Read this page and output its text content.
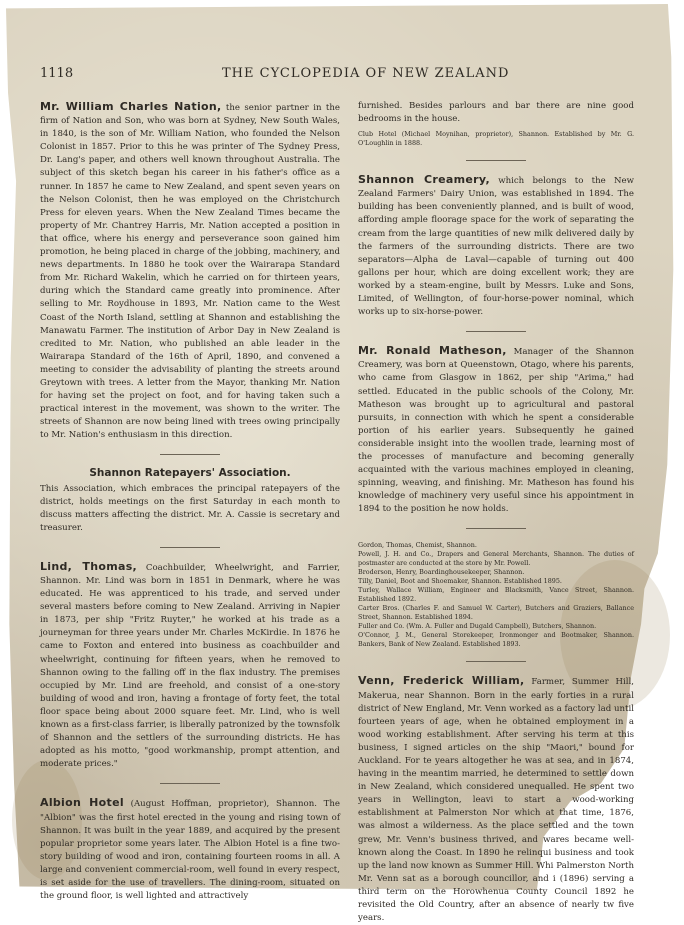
1118	THE CYCLOPEDIA OF NEW ZEALAND

Mr. William Charles Nation, the senior partner in the firm of Nation and Son, who was born at Sydney, New South Wales, in 1840, is the son of Mr. William Nation, who founded the Nelson Colonist in 1857. Prior to this he was printer of The Sydney Press, Dr. Lang's paper, and others well known throughout Australia. The subject of this sketch began his career in his father's office as a runner. In 1857 he came to New Zealand, and spent seven years on the Nelson Colonist, then he was employed on the Christchurch Press for eleven years. When the New Zealand Times became the property of Mr. Chantrey Harris, Mr. Nation accepted a position in that office, where his energy and perseverance soon gained him promotion, he being placed in charge of the jobbing, machinery, and news departments. In 1880 he took over the Wairarapa Standard from Mr. Richard Wakelin, which he carried on for thirteen years, during which the Standard came greatly into prominence. After selling to Mr. Roydhouse in 1893, Mr. Nation came to the West Coast of the North Island, settling at Shannon and establishing the Manawatu Farmer. The institution of Arbor Day in New Zealand is credited to Mr. Nation, who published an able leader in the Wairarapa Standard of the 16th of April, 1890, and convened a meeting to consider the advisability of planting the streets around Greytown with trees. A letter from the Mayor, thanking Mr. Nation for having set the project on foot, and for having taken such a practical interest in the movement, was shown to the writer. The streets of Shannon are now being lined with trees owing principally to Mr. Nation's enthusiasm in this direction.

Shannon Ratepayers' Association.

This Association, which embraces the principal ratepayers of the district, holds meetings on the first Saturday in each month to discuss matters affecting the district. Mr. A. Cassie is secretary and treasurer.

Lind, Thomas, Coachbuilder, Wheelwright, and Farrier, Shannon. Mr. Lind was born in 1851 in Denmark, where he was educated. He was apprenticed to his trade, and served under several masters before coming to New Zealand. Arriving in Napier in 1873, per ship "Fritz Ruyter," he worked at his trade as a journeyman for three years under Mr. Charles McKirdie. In 1876 he came to Foxton and entered into business as coachbuilder and wheelwright, continuing for fifteen years, when he removed to Shannon owing to the falling off in the flax industry. The premises occupied by Mr. Lind are freehold, and consist of a one-story building of wood and iron, having a frontage of forty feet, the total floor space being about 2000 square feet. Mr. Lind, who is well known as a first-class farrier, is liberally patronized by the townsfolk of Shannon and the settlers of the surrounding districts. He has adopted as his motto, "good workmanship, prompt attention, and moderate prices."

Albion Hotel (August Hoffman, proprietor), Shannon. The "Albion" was the first hotel erected in the young and rising town of Shannon. It was built in the year 1889, and acquired by the present popular proprietor some years later. The Albion Hotel is a fine two-story building of wood and iron, containing fourteen rooms in all. A large and convenient commercial-room, well found in every respect, is set aside for the use of travellers. The dining-room, situated on the ground floor, is well lighted and attractively

furnished. Besides parlours and bar there are nine good bedrooms in the house.

Club Hotel (Michael Moynihan, proprietor), Shannon. Established by Mr. G. O'Loughlin in 1888.

Shannon Creamery, which belongs to the New Zealand Farmers' Dairy Union, was established in 1894. The building has been conveniently planned, and is built of wood, affording ample floorage space for the work of separating the cream from the large quantities of new milk delivered daily by the farmers of the surrounding districts. There are two separators—Alpha de Laval—capable of turning out 400 gallons per hour, which are doing excellent work; they are worked by a steam-engine, built by Messrs. Luke and Sons, Limited, of Wellington, of four-horse-power nominal, which works up to six-horse-power.

Mr. Ronald Matheson, Manager of the Shannon Creamery, was born at Queenstown, Otago, where his parents, who came from Glasgow in 1862, per ship "Arima," had settled. Educated in the public schools of the Colony, Mr. Matheson was brought up to agricultural and pastoral pursuits, in connection with which he spent a considerable portion of his earlier years. Subsequently he gained considerable insight into the woollen trade, learning most of the processes of manufacture and becoming generally acquainted with the various machines employed in cleaning, spinning, weaving, and finishing. Mr. Matheson has found his knowledge of machinery very useful since his appointment in 1894 to the position he now holds.

Gordon, Thomas, Chemist, Shannon.

Powell, J. H. and Co., Drapers and General Merchants, Shannon. The duties of postmaster are conducted at the store by Mr. Powell.

Broderson, Henry, Boardinghousekeeper, Shannon.

Tilly, Daniel, Boot and Shoemaker, Shannon. Established 1895.

Turley, Wallace William, Engineer and Blacksmith, Vance Street, Shannon. Established 1892.

Carter Bros. (Charles F. and Samuel W. Carter), Butchers and Graziers, Ballance Street, Shannon. Established 1894.

Fuller and Co. (Wm. A. Fuller and Dugald Campbell), Butchers, Shannon.

O'Connor, J. M., General Storekeeper, Ironmonger and Bootmaker, Shannon. Bankers, Bank of New Zealand. Established 1893.

Venn, Frederick William, Farmer, Summer Hill, Makerua, near Shannon. Born in the early forties in a rural district of New England, Mr. Venn worked as a factory lad until fourteen years of age, when he obtained employment in a wood working establishment. After serving his term at this business, I signed articles on the ship "Maori," bound for Auckland. For te years altogether he was at sea, and in 1874, having in the meantim married, he determined to settle down in New Zealand, which considered unequalled. He spent two years in Wellington, leavi to start a wood-working establishment at Palmerston Nor which at that time, 1876, was almost a wilderness. As the place settled and the town grew, Mr. Venn's business thrived, and wares became well-known along the Coast. In 1890 he relinqui business and took up the land now known as Summer Hill. Whi Palmerston North Mr. Venn sat as a borough councillor, and i (1896) serving a third term on the Horowhenua County Council 1892 he revisited the Old Country, after an absence of nearly tw five years.
